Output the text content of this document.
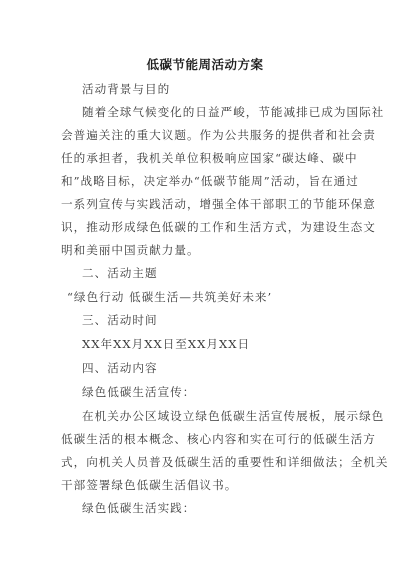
低碳节能周活动方案
活动背景与目的
随着全球气候变化的日益严峻，节能减排已成为国际社
会普遍关注的重大议题。作为公共服务的提供者和社会责
任的承担者，我机关单位积极响应国家“碳达峰、碳中
和”战略目标，决定举办“低碳节能周”活动，旨在通过
一系列宣传与实践活动，增强全体干部职工的节能环保意
识，推动形成绿色低碳的工作和生活方式，为建设生态文
明和美丽中国贡献力量。
二、活动主题
“绿色行动 低碳生活—共筑美好未来’
三、活动时间
XX年XX月XX日至XX月XX日
四、活动内容
绿色低碳生活宣传：
在机关办公区域设立绿色低碳生活宣传展板，展示绿色
低碳生活的根本概念、核心内容和实在可行的低碳生活方
式，向机关人员普及低碳生活的重要性和详细做法；全机关
干部签署绿色低碳生活倡议书。
绿色低碳生活实践：
